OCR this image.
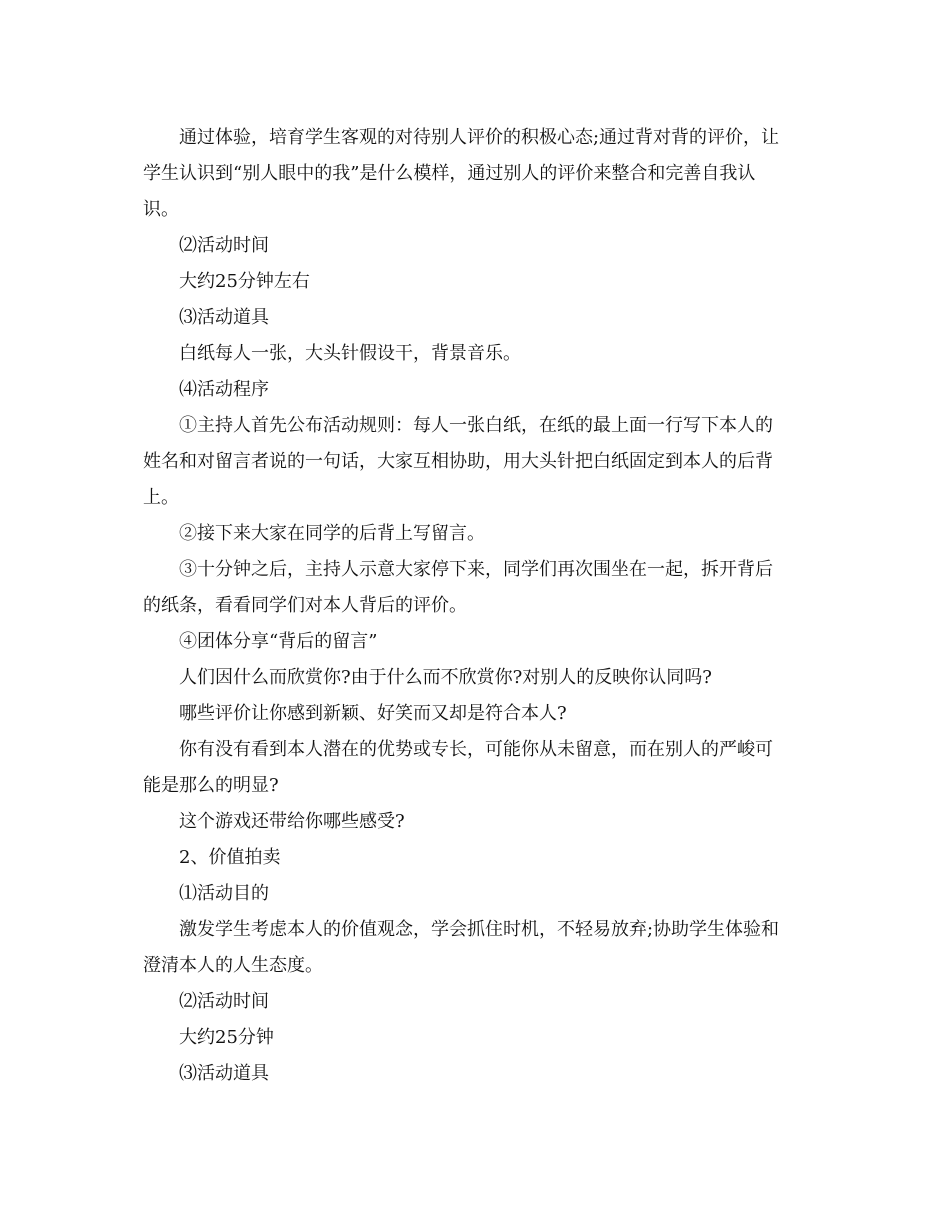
通过体验，培育学生客观的对待别人评价的积极心态;通过背对背的评价，让
学生认识到“别人眼中的我”是什么模样，通过别人的评价来整合和完善自我认
识。
⑵活动时间
大约25分钟左右
⑶活动道具
白纸每人一张，大头针假设干，背景音乐。
⑷活动程序
①主持人首先公布活动规则：每人一张白纸，在纸的最上面一行写下本人的
姓名和对留言者说的一句话，大家互相协助，用大头针把白纸固定到本人的后背
上。
②接下来大家在同学的后背上写留言。
③十分钟之后，主持人示意大家停下来，同学们再次围坐在一起，拆开背后
的纸条，看看同学们对本人背后的评价。
④团体分享“背后的留言”
人们因什么而欣赏你?由于什么而不欣赏你?对别人的反映你认同吗?
哪些评价让你感到新颖、好笑而又却是符合本人?
你有没有看到本人潜在的优势或专长，可能你从未留意，而在别人的严峻可
能是那么的明显?
这个游戏还带给你哪些感受?
2、价值拍卖
⑴活动目的
激发学生考虑本人的价值观念，学会抓住时机，不轻易放弃;协助学生体验和
澄清本人的人生态度。
⑵活动时间
大约25分钟
⑶活动道具
